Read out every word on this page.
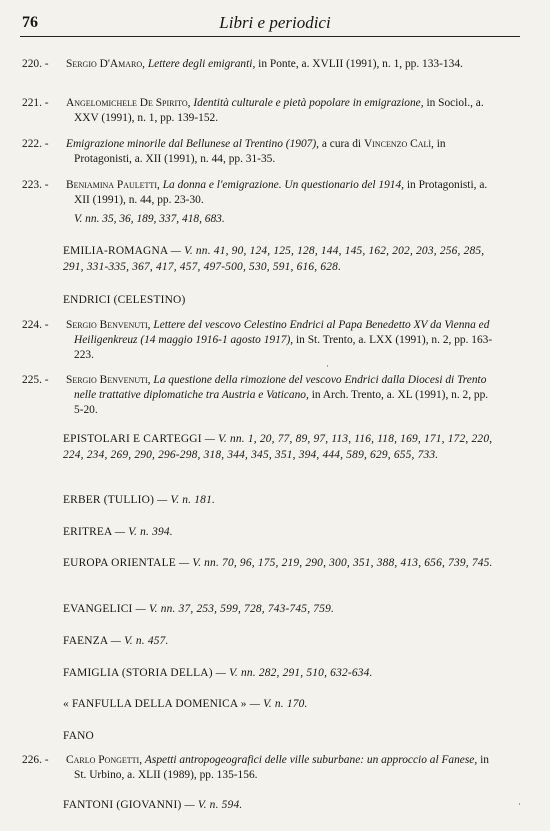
76	Libri e periodici
220. - Sergio D'Amaro, Lettere degli emigranti, in Ponte, a. XVLII (1991), n. 1, pp. 133-134.
221. - Angelomichele De Spirito, Identità culturale e pietà popolare in emigrazione, in Sociol., a. XXV (1991), n. 1, pp. 139-152.
222. - Emigrazione minorile dal Bellunese al Trentino (1907), a cura di Vincenzo Calì, in Protagonisti, a. XII (1991), n. 44, pp. 31-35.
223. - Beniamina Pauletti, La donna e l'emigrazione. Un questionario del 1914, in Protagonisti, a. XII (1991), n. 44, pp. 23-30.
V. nn. 35, 36, 189, 337, 418, 683.
EMILIA-ROMAGNA — V. nn. 41, 90, 124, 125, 128, 144, 145, 162, 202, 203, 256, 285, 291, 331-335, 367, 417, 457, 497-500, 530, 591, 616, 628.
ENDRICI (CELESTINO)
224. - Sergio Benvenuti, Lettere del vescovo Celestino Endrici al Papa Benedetto XV da Vienna ed Heiligenkreuz (14 maggio 1916-1 agosto 1917), in St. Trento, a. LXX (1991), n. 2, pp. 163-223.
225. - Sergio Benvenuti, La questione della rimozione del vescovo Endrici dalla Diocesi di Trento nelle trattative diplomatiche tra Austria e Vaticano, in Arch. Trento, a. XL (1991), n. 2, pp. 5-20.
EPISTOLARI E CARTEGGI — V. nn. 1, 20, 77, 89, 97, 113, 116, 118, 169, 171, 172, 220, 224, 234, 269, 290, 296-298, 318, 344, 345, 351, 394, 444, 589, 629, 655, 733.
ERBER (TULLIO) — V. n. 181.
ERITREA — V. n. 394.
EUROPA ORIENTALE — V. nn. 70, 96, 175, 219, 290, 300, 351, 388, 413, 656, 739, 745.
EVANGELICI — V. nn. 37, 253, 599, 728, 743-745, 759.
FAENZA — V. n. 457.
FAMIGLIA (STORIA DELLA) — V. nn. 282, 291, 510, 632-634.
« FANFULLA DELLA DOMENICA » — V. n. 170.
FANO
226. - Carlo Pongetti, Aspetti antropogeografici delle ville suburbane: un approccio al Fanese, in St. Urbino, a. XLII (1989), pp. 135-156.
FANTONI (GIOVANNI) — V. n. 594.
·
·
